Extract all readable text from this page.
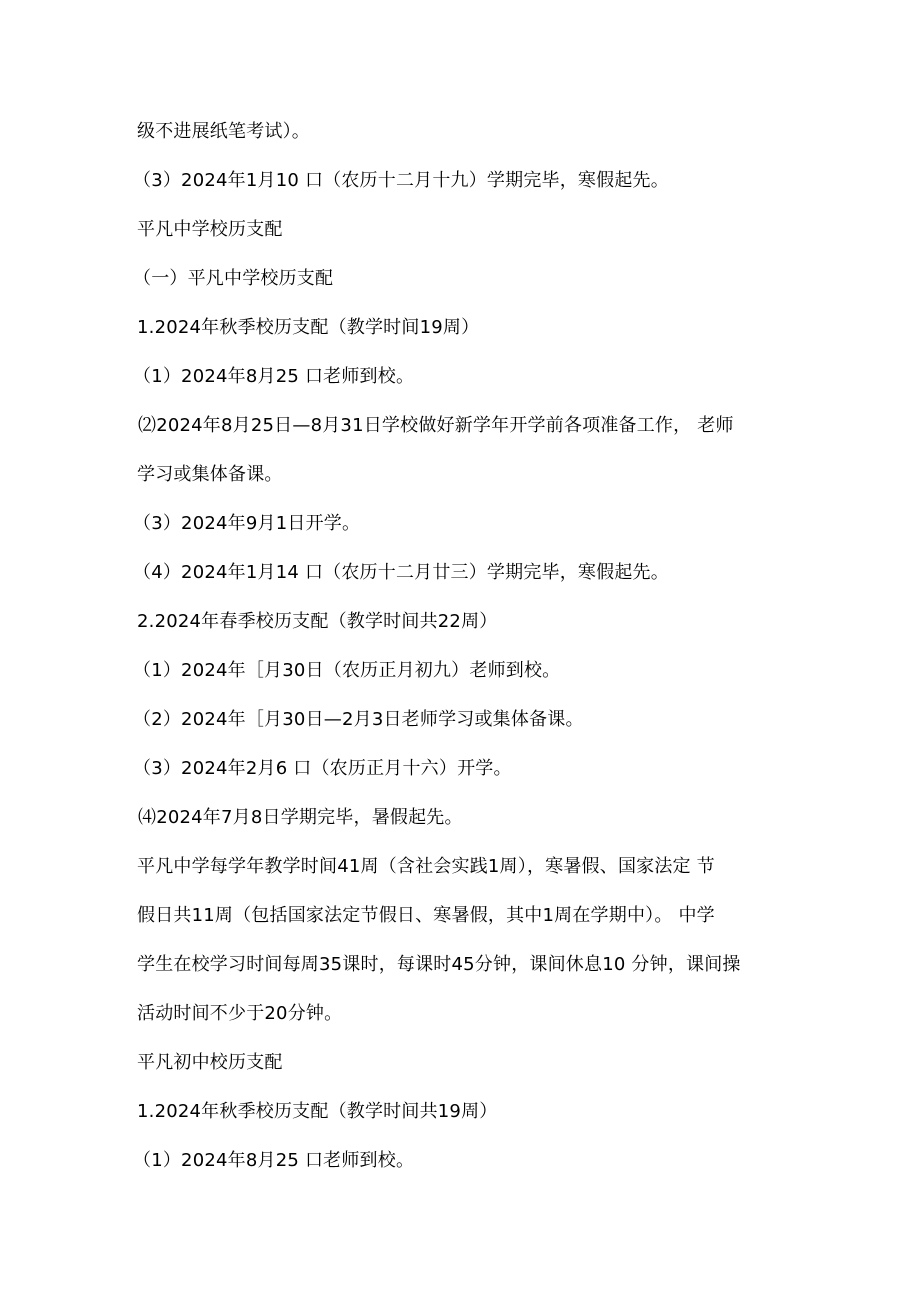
级不进展纸笔考试）。
（3）2024年1月10 口（农历十二月十九）学期完毕，寒假起先。
平凡中学校历支配
（一）平凡中学校历支配
1.2024年秋季校历支配（教学时间19周）
（1）2024年8月25 口老师到校。
⑵2024年8月25日—8月31日学校做好新学年开学前各项准备工作， 老师
学习或集体备课。
（3）2024年9月1日开学。
（4）2024年1月14 口（农历十二月廿三）学期完毕，寒假起先。
2.2024年春季校历支配（教学时间共22周）
（1）2024年［月30日（农历正月初九）老师到校。
（2）2024年［月30日—2月3日老师学习或集体备课。
（3）2024年2月6 口（农历正月十六）开学。
⑷2024年7月8日学期完毕，暑假起先。
平凡中学每学年教学时间41周（含社会实践1周），寒暑假、国家法定 节
假日共11周（包括国家法定节假日、寒暑假，其中1周在学期中）。 中学
学生在校学习时间每周35课时，每课时45分钟，课间休息10 分钟，课间操
活动时间不少于20分钟。
平凡初中校历支配
1.2024年秋季校历支配（教学时间共19周）
（1）2024年8月25 口老师到校。
